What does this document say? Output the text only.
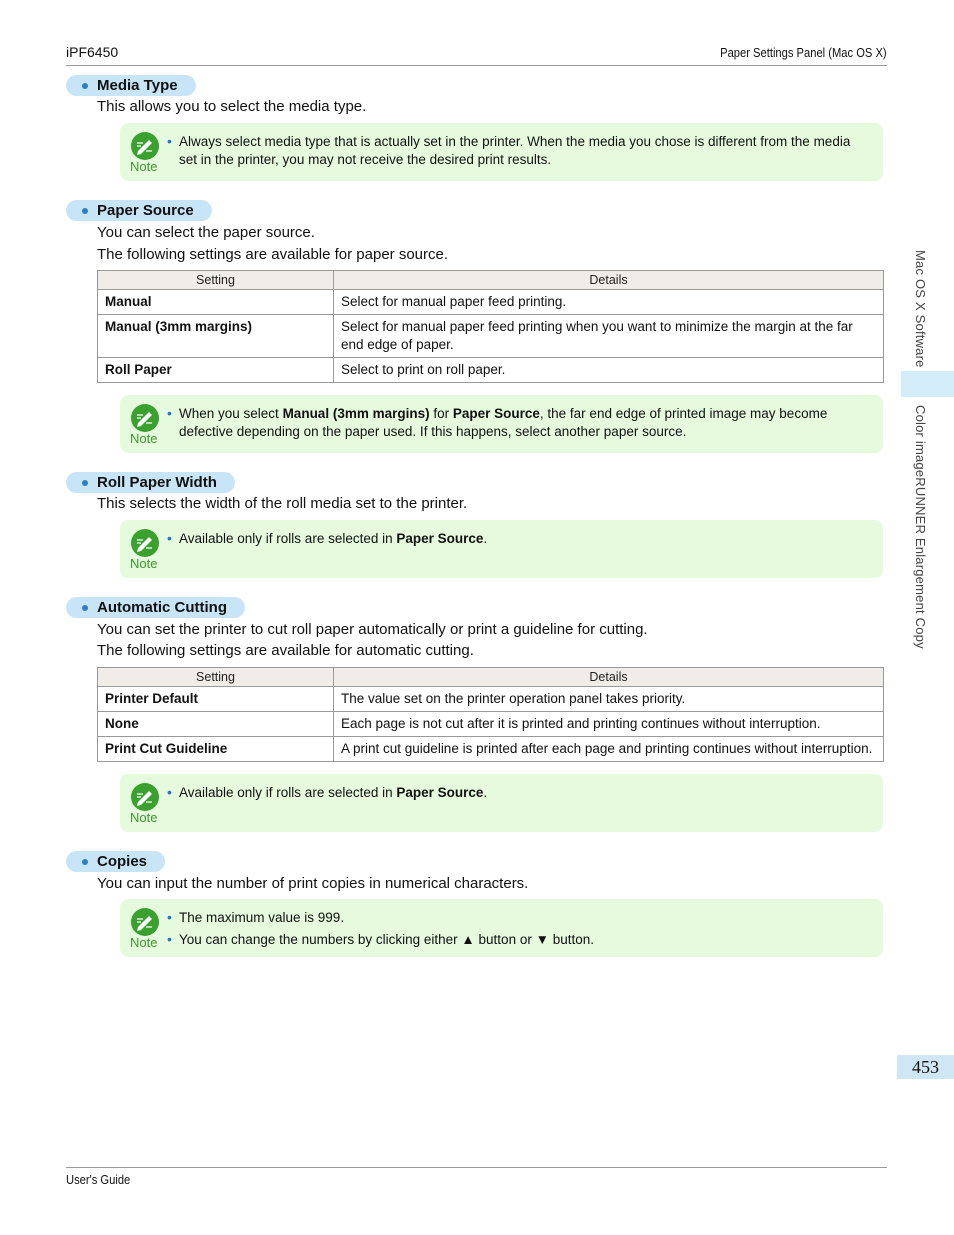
iPF6450	Paper Settings Panel (Mac OS X)
User's Guide
Mac OS X Software
Color imageRUNNER Enlargement Copy
453
Media Type
This allows you to select the media type.
Note
• Always select media type that is actually set in the printer. When the media you chose is different from the media set in the printer, you may not receive the desired print results.
Paper Source
You can select the paper source.
The following settings are available for paper source.
Setting	Details
Manual	Select for manual paper feed printing.
Manual (3mm margins)	Select for manual paper feed printing when you want to minimize the margin at the far end edge of paper.
Roll Paper	Select to print on roll paper.
Note
• When you select Manual (3mm margins) for Paper Source, the far end edge of printed image may become defective depending on the paper used. If this happens, select another paper source.
Roll Paper Width
This selects the width of the roll media set to the printer.
Note
• Available only if rolls are selected in Paper Source.
Automatic Cutting
You can set the printer to cut roll paper automatically or print a guideline for cutting.
The following settings are available for automatic cutting.
Setting	Details
Printer Default	The value set on the printer operation panel takes priority.
None	Each page is not cut after it is printed and printing continues without interruption.
Print Cut Guideline	A print cut guideline is printed after each page and printing continues without interruption.
Note
• Available only if rolls are selected in Paper Source.
Copies
You can input the number of print copies in numerical characters.
Note
• The maximum value is 999.
• You can change the numbers by clicking either ▲ button or ▼ button.
